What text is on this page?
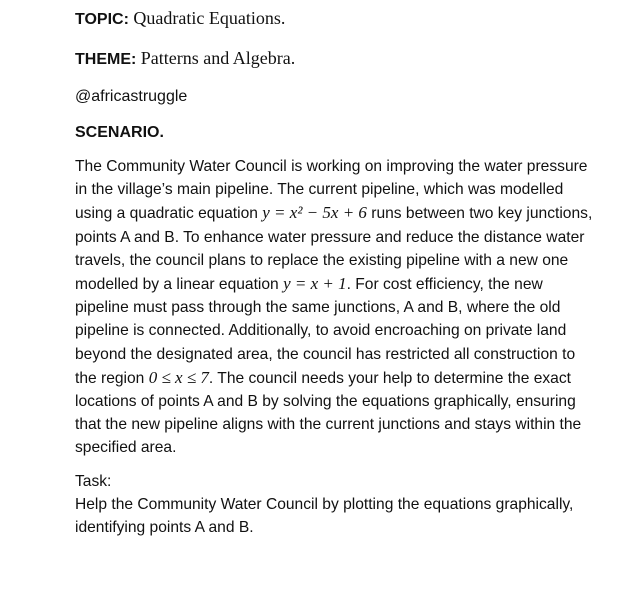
TOPIC: Quadratic Equations.
THEME: Patterns and Algebra.
@africastruggle
SCENARIO.

The Community Water Council is working on improving the water pressure in the village’s main pipeline. The current pipeline, which was modelled using a quadratic equation y = x² − 5x + 6 runs between two key junctions, points A and B. To enhance water pressure and reduce the distance water travels, the council plans to replace the existing pipeline with a new one modelled by a linear equation y = x + 1. For cost efficiency, the new pipeline must pass through the same junctions, A and B, where the old pipeline is connected. Additionally, to avoid encroaching on private land beyond the designated area, the council has restricted all construction to the region 0 ≤ x ≤ 7. The council needs your help to determine the exact locations of points A and B by solving the equations graphically, ensuring that the new pipeline aligns with the current junctions and stays within the specified area.

Task:

Help the Community Water Council by plotting the equations graphically, identifying points A and B.
